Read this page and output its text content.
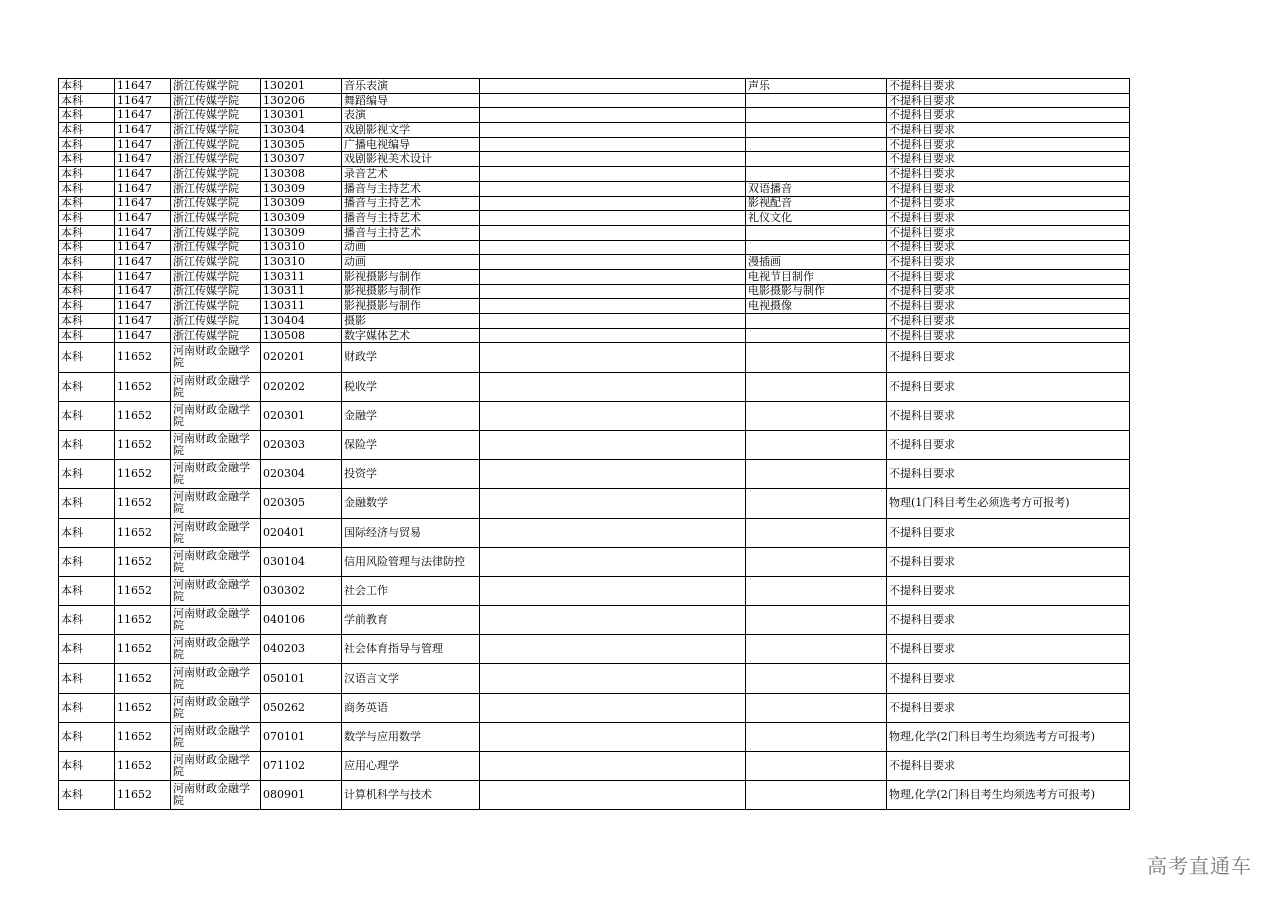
本科	11647	浙江传媒学院	130201	音乐表演		声乐	不提科目要求
本科	11647	浙江传媒学院	130206	舞蹈编导			不提科目要求
本科	11647	浙江传媒学院	130301	表演			不提科目要求
本科	11647	浙江传媒学院	130304	戏剧影视文学			不提科目要求
本科	11647	浙江传媒学院	130305	广播电视编导			不提科目要求
本科	11647	浙江传媒学院	130307	戏剧影视美术设计			不提科目要求
本科	11647	浙江传媒学院	130308	录音艺术			不提科目要求
本科	11647	浙江传媒学院	130309	播音与主持艺术		双语播音	不提科目要求
本科	11647	浙江传媒学院	130309	播音与主持艺术		影视配音	不提科目要求
本科	11647	浙江传媒学院	130309	播音与主持艺术		礼仪文化	不提科目要求
本科	11647	浙江传媒学院	130309	播音与主持艺术			不提科目要求
本科	11647	浙江传媒学院	130310	动画			不提科目要求
本科	11647	浙江传媒学院	130310	动画		漫插画	不提科目要求
本科	11647	浙江传媒学院	130311	影视摄影与制作		电视节目制作	不提科目要求
本科	11647	浙江传媒学院	130311	影视摄影与制作		电影摄影与制作	不提科目要求
本科	11647	浙江传媒学院	130311	影视摄影与制作		电视摄像	不提科目要求
本科	11647	浙江传媒学院	130404	摄影			不提科目要求
本科	11647	浙江传媒学院	130508	数字媒体艺术			不提科目要求
本科	11652	河南财政金融学院	020201	财政学			不提科目要求
本科	11652	河南财政金融学院	020202	税收学			不提科目要求
本科	11652	河南财政金融学院	020301	金融学			不提科目要求
本科	11652	河南财政金融学院	020303	保险学			不提科目要求
本科	11652	河南财政金融学院	020304	投资学			不提科目要求
本科	11652	河南财政金融学院	020305	金融数学			物理(1门科目考生必须选考方可报考)
本科	11652	河南财政金融学院	020401	国际经济与贸易			不提科目要求
本科	11652	河南财政金融学院	030104	信用风险管理与法律防控			不提科目要求
本科	11652	河南财政金融学院	030302	社会工作			不提科目要求
本科	11652	河南财政金融学院	040106	学前教育			不提科目要求
本科	11652	河南财政金融学院	040203	社会体育指导与管理			不提科目要求
本科	11652	河南财政金融学院	050101	汉语言文学			不提科目要求
本科	11652	河南财政金融学院	050262	商务英语			不提科目要求
本科	11652	河南财政金融学院	070101	数学与应用数学			物理,化学(2门科目考生均须选考方可报考)
本科	11652	河南财政金融学院	071102	应用心理学			不提科目要求
本科	11652	河南财政金融学院	080901	计算机科学与技术			物理,化学(2门科目考生均须选考方可报考)
高考直通车
